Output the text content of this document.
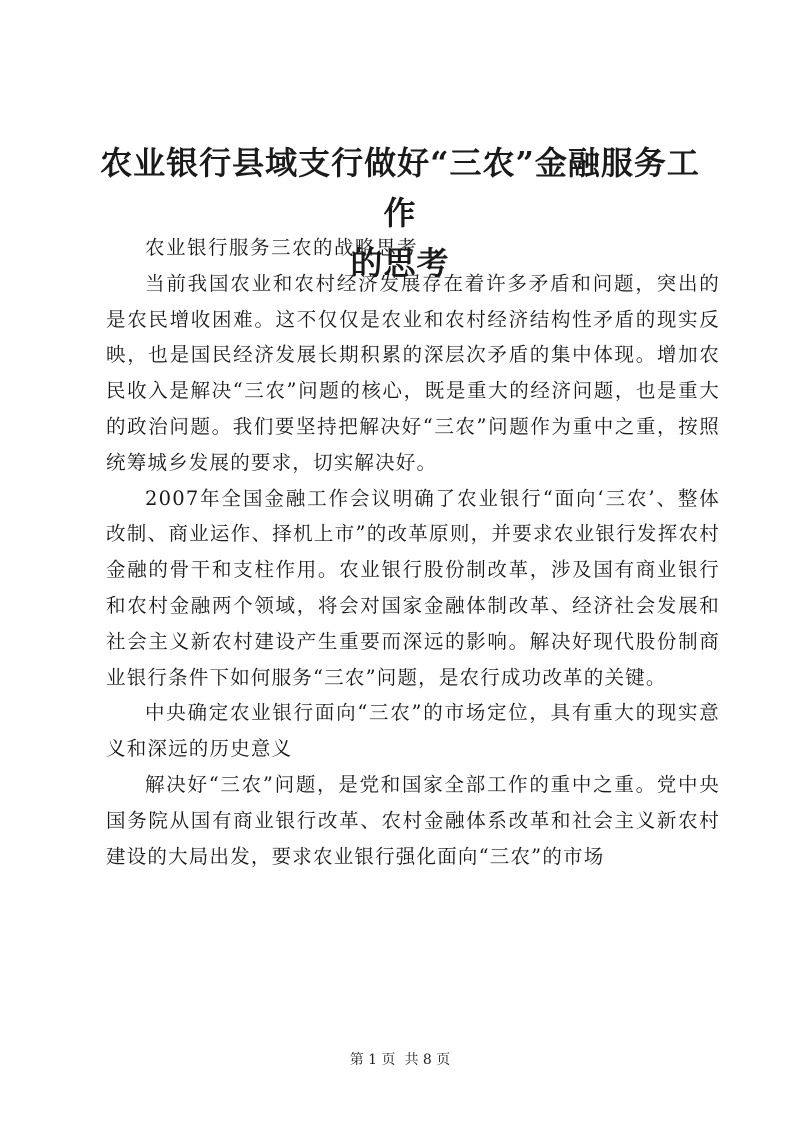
农业银行县域支行做好“三农”金融服务工作
的思考

农业银行服务三农的战略思考

当前我国农业和农村经济发展存在着许多矛盾和问题，突出的是农民增收困难。这不仅仅是农业和农村经济结构性矛盾的现实反映，也是国民经济发展长期积累的深层次矛盾的集中体现。增加农民收入是解决“三农”问题的核心，既是重大的经济问题，也是重大的政治问题。我们要坚持把解决好“三农”问题作为重中之重，按照统筹城乡发展的要求，切实解决好。

2007年全国金融工作会议明确了农业银行“面向‘三农’、整体改制、商业运作、择机上市”的改革原则，并要求农业银行发挥农村金融的骨干和支柱作用。农业银行股份制改革，涉及国有商业银行和农村金融两个领域，将会对国家金融体制改革、经济社会发展和社会主义新农村建设产生重要而深远的影响。解决好现代股份制商业银行条件下如何服务“三农”问题，是农行成功改革的关键。

中央确定农业银行面向“三农”的市场定位，具有重大的现实意义和深远的历史意义

解决好“三农”问题，是党和国家全部工作的重中之重。党中央国务院从国有商业银行改革、农村金融体系改革和社会主义新农村建设的大局出发，要求农业银行强化面向“三农”的市场

第 1 页  共 8 页
